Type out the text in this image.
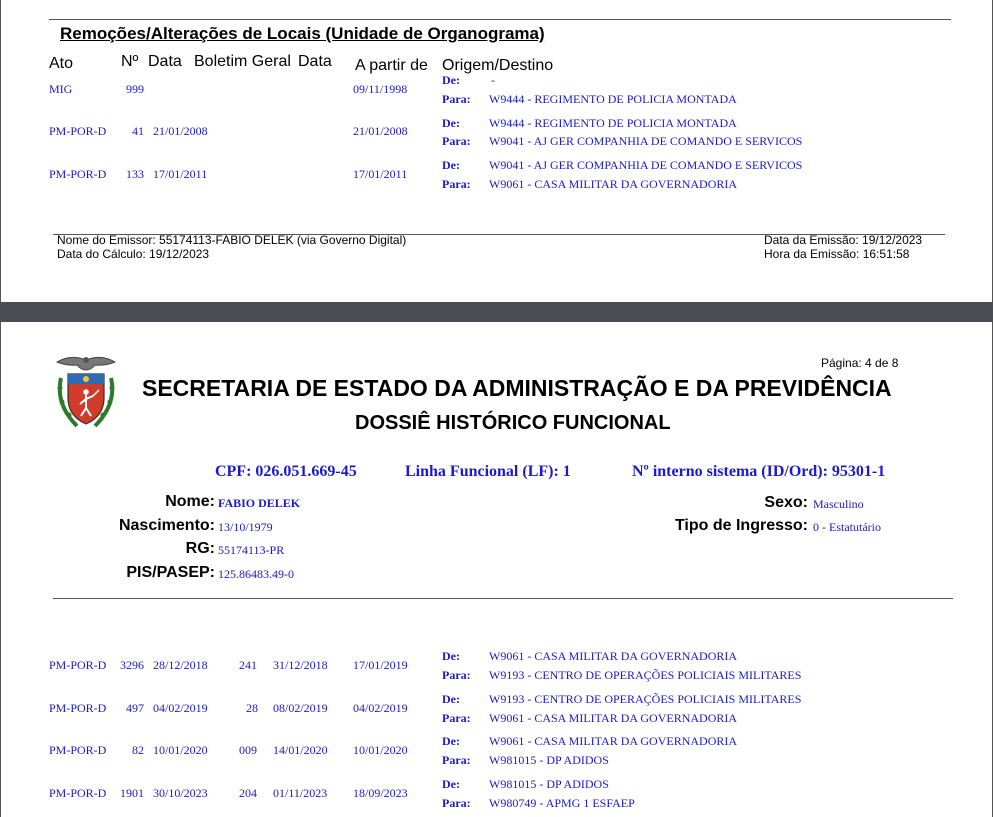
Remoções/Alterações de Locais (Unidade de Organograma)
Ato	Nº Data Boletim Geral Data A partir de Origem/Destino
MIG	999	09/11/1998
De:	-
Para: W9444 - REGIMENTO DE POLICIA MONTADA
PM-POR-D 41 21/01/2008	21/01/2008
De: W9444 - REGIMENTO DE POLICIA MONTADA
Para: W9041 - AJ GER COMPANHIA DE COMANDO E SERVICOS
PM-POR-D 133 17/01/2011	17/01/2011
De: W9041 - AJ GER COMPANHIA DE COMANDO E SERVICOS
Para: W9061 - CASA MILITAR DA GOVERNADORIA
Nome do Emissor: 55174113-FABIO DELEK (via Governo Digital)
Data do Cálculo: 19/12/2023
Data da Emissão: 19/12/2023
Hora da Emissão: 16:51:58
Página: 4 de 8
SECRETARIA DE ESTADO DA ADMINISTRAÇÃO E DA PREVIDÊNCIA
DOSSIÊ HISTÓRICO FUNCIONAL
CPF: 026.051.669-45	Linha Funcional (LF): 1	Nº interno sistema (ID/Ord): 95301-1
Nome: FABIO DELEK
Nascimento: 13/10/1979
RG: 55174113-PR
PIS/PASEP: 125.86483.49-0
Sexo: Masculino
Tipo de Ingresso: 0 - Estatutário
PM-POR-D 3296 28/12/2018	241 31/12/2018 17/01/2019
De: W9061 - CASA MILITAR DA GOVERNADORIA
Para: W9193 - CENTRO DE OPERAÇÕES POLICIAIS MILITARES
PM-POR-D 497 04/02/2019	28 08/02/2019 04/02/2019
De: W9193 - CENTRO DE OPERAÇÕES POLICIAIS MILITARES
Para: W9061 - CASA MILITAR DA GOVERNADORIA
PM-POR-D 82 10/01/2020	009 14/01/2020 10/01/2020
De: W9061 - CASA MILITAR DA GOVERNADORIA
Para: W981015 - DP ADIDOS
PM-POR-D 1901 30/10/2023	204 01/11/2023 18/09/2023
De: W981015 - DP ADIDOS
Para: W980749 - APMG 1 ESFAEP
